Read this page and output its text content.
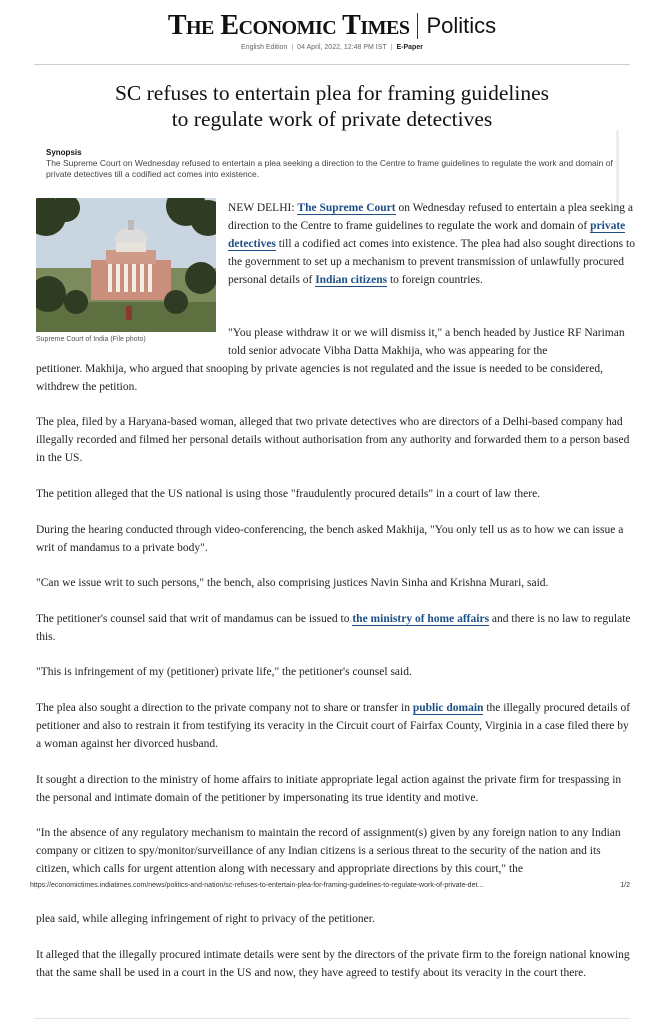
The Economic Times Politics
English Edition | 04 April, 2022, 12:48 PM IST | E-Paper
SC refuses to entertain plea for framing guidelines
to regulate work of private detectives
Synopsis
The Supreme Court on Wednesday refused to entertain a plea seeking a direction to the Centre to frame guidelines to regulate the work and domain of private detectives till a codified act comes into existence.
Supreme Court of India (File photo)

NEW DELHI: The Supreme Court on Wednesday refused to entertain a plea seeking a direction to the Centre to frame guidelines to regulate the work and domain of private detectives till a codified act comes into existence. The plea had also sought directions to the government to set up a mechanism to prevent transmission of unlawfully procured personal details of Indian citizens to foreign countries.

"You please withdraw it or we will dismiss it," a bench headed by Justice RF Nariman told senior advocate Vibha Datta Makhija, who was appearing for the

petitioner. Makhija, who argued that snooping by private agencies is not regulated and the issue is needed to be considered, withdrew the petition.

The plea, filed by a Haryana-based woman, alleged that two private detectives who are directors of a Delhi-based company had illegally recorded and filmed her personal details without authorisation from any authority and forwarded them to a person based in the US.

The petition alleged that the US national is using those "fraudulently procured details" in a court of law there.

During the hearing conducted through video-conferencing, the bench asked Makhija, "You only tell us as to how we can issue a writ of mandamus to a private body".

"Can we issue writ to such persons," the bench, also comprising justices Navin Sinha and Krishna Murari, said.

The petitioner's counsel said that writ of mandamus can be issued to the ministry of home affairs and there is no law to regulate this.

"This is infringement of my (petitioner) private life," the petitioner's counsel said.

The plea also sought a direction to the private company not to share or transfer in public domain the illegally procured details of petitioner and also to restrain it from testifying its veracity in the Circuit court of Fairfax County, Virginia in a case filed there by a woman against her divorced husband.

It sought a direction to the ministry of home affairs to initiate appropriate legal action against the private firm for trespassing in the personal and intimate domain of the petitioner by impersonating its true identity and motive.

"In the absence of any regulatory mechanism to maintain the record of assignment(s) given by any foreign nation to any Indian company or citizen to spy/monitor/surveillance of any Indian citizens is a serious threat to the security of the nation and its citizen, which calls for urgent attention along with necessary and appropriate directions by this court," the

https://economictimes.indiatimes.com/news/politics-and-nation/sc-refuses-to-entertain-plea-for-framing-guidelines-to-regulate-work-of-private-det...	1/2

plea said, while alleging infringement of right to privacy of the petitioner.

It alleged that the illegally procured intimate details were sent by the directors of the private firm to the foreign national knowing that the same shall be used in a court in the US and now, they have agreed to testify about its veracity in the court there.
